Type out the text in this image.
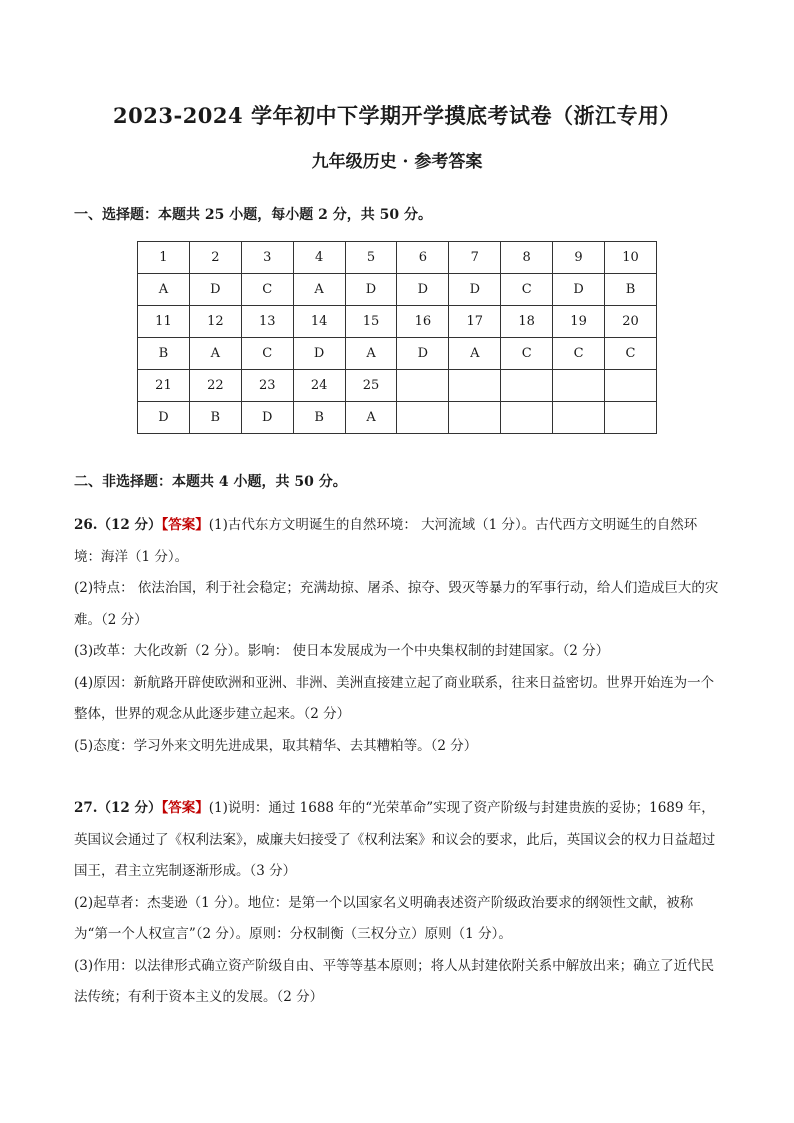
2023-2024 学年初中下学期开学摸底考试卷（浙江专用）
九年级历史 · 参考答案
一、选择题：本题共 25 小题，每小题 2 分，共 50 分。
1	2	3	4	5	6	7	8	9	10
A	D	C	A	D	D	D	C	D	B
11	12	13	14	15	16	17	18	19	20
B	A	C	D	A	D	A	C	C	C
21	22	23	24	25					
D	B	D	B	A					
二、非选择题：本题共 4 小题，共 50 分。

26.（12 分）【答案】(1)古代东方文明诞生的自然环境： 大河流域（1 分）。古代西方文明诞生的自然环境：海洋（1 分）。

(2)特点： 依法治国，利于社会稳定；充满劫掠、屠杀、掠夺、毁灭等暴力的军事行动，给人们造成巨大的灾难。（2 分）

(3)改革：大化改新（2 分）。影响： 使日本发展成为一个中央集权制的封建国家。（2 分）

(4)原因：新航路开辟使欧洲和亚洲、非洲、美洲直接建立起了商业联系，往来日益密切。世界开始连为一个整体，世界的观念从此逐步建立起来。（2 分）

(5)态度：学习外来文明先进成果，取其精华、去其糟粕等。（2 分）

27.（12 分）【答案】(1)说明：通过 1688 年的“光荣革命”实现了资产阶级与封建贵族的妥协；1689 年，英国议会通过了《权利法案》，威廉夫妇接受了《权利法案》和议会的要求，此后，英国议会的权力日益超过国王，君主立宪制逐渐形成。（3 分）

(2)起草者：杰斐逊（1 分）。地位：是第一个以国家名义明确表述资产阶级政治要求的纲领性文献，被称为“第一个人权宣言”（2 分）。原则：分权制衡（三权分立）原则（1 分）。

(3)作用：以法律形式确立资产阶级自由、平等等基本原则；将人从封建依附关系中解放出来；确立了近代民法传统；有利于资本主义的发展。（2 分）
